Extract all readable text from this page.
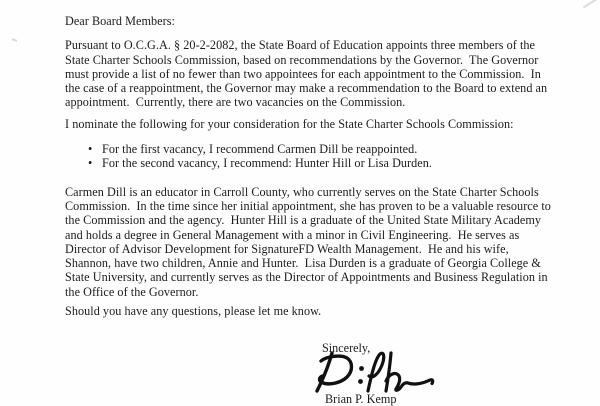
Dear Board Members:

Pursuant to O.C.G.A. § 20-2-2082, the State Board of Education appoints three members of the State Charter Schools Commission, based on recommendations by the Governor.  The Governor must provide a list of no fewer than two appointees for each appointment to the Commission.  In the case of a reappointment, the Governor may make a recommendation to the Board to extend an appointment.  Currently, there are two vacancies on the Commission.

I nominate the following for your consideration for the State Charter Schools Commission:

• For the first vacancy, I recommend Carmen Dill be reappointed.
• For the second vacancy, I recommend: Hunter Hill or Lisa Durden.

Carmen Dill is an educator in Carroll County, who currently serves on the State Charter Schools Commission.  In the time since her initial appointment, she has proven to be a valuable resource to the Commission and the agency.  Hunter Hill is a graduate of the United State Military Academy and holds a degree in General Management with a minor in Civil Engineering.  He serves as Director of Advisor Development for SignatureFD Wealth Management.  He and his wife, Shannon, have two children, Annie and Hunter.  Lisa Durden is a graduate of Georgia College & State University, and currently serves as the Director of Appointments and Business Regulation in the Office of the Governor.

Should you have any questions, please let me know.

Sincerely,
Brian P. Kemp
